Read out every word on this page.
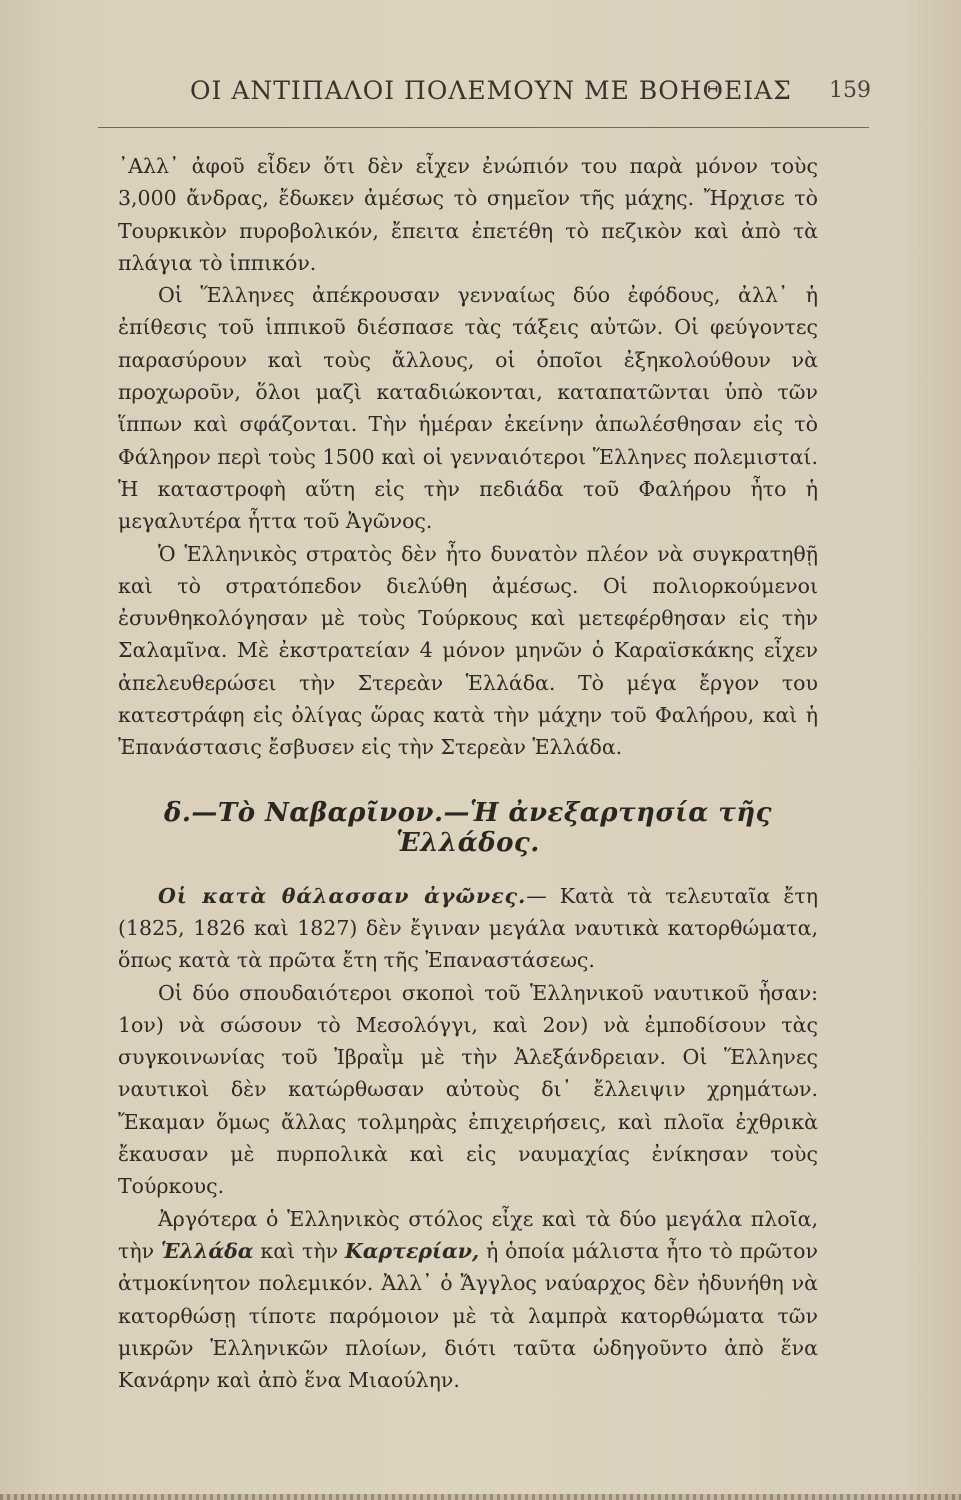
ΟΙ ΑΝΤΙΠΑΛΟΙ ΠΟΛΕΜΟΥΝ ΜΕ ΒΟΗΘΕΙΑΣ 159

᾿Αλλ᾿ ἀφοῦ εἶδεν ὅτι δὲν εἶχεν ἐνώπιόν του παρὰ μόνον τοὺς 3,000 ἄνδρας, ἔδωκεν ἀμέσως τὸ σημεῖον τῆς μάχης. Ἤρχισε τὸ Τουρκικὸν πυροβολικόν, ἔπειτα ἐπετέθη τὸ πεζικὸν καὶ ἀπὸ τὰ πλάγια τὸ ἱππικόν.

Οἱ Ἕλληνες ἀπέκρουσαν γενναίως δύο ἐφόδους, ἀλλ᾿ ἡ ἐπίθεσις τοῦ ἱππικοῦ διέσπασε τὰς τάξεις αὐτῶν. Οἱ φεύγοντες παρασύρουν καὶ τοὺς ἄλλους, οἱ ὁποῖοι ἐξηκολούθουν νὰ προχωροῦν, ὅλοι μαζὶ καταδιώκονται, καταπατῶνται ὑπὸ τῶν ἵππων καὶ σφάζονται. Τὴν ἡμέραν ἐκείνην ἀπωλέσθησαν εἰς τὸ Φάληρον περὶ τοὺς 1500 καὶ οἱ γενναιότεροι Ἕλληνες πολεμισταί. Ἡ καταστροφὴ αὕτη εἰς τὴν πεδιάδα τοῦ Φαλήρου ἦτο ἡ μεγαλυτέρα ἧττα τοῦ Ἀγῶνος.

Ὁ Ἑλληνικὸς στρατὸς δὲν ἦτο δυνατὸν πλέον νὰ συγκρατηθῇ καὶ τὸ στρατόπεδον διελύθη ἀμέσως. Οἱ πολιορκούμενοι ἐσυνθηκολόγησαν μὲ τοὺς Τούρκους καὶ μετεφέρθησαν εἰς τὴν Σαλαμῖνα. Μὲ ἐκστρατείαν 4 μόνον μηνῶν ὁ Καραϊσκάκης εἶχεν ἀπελευθερώσει τὴν Στερεὰν Ἑλλάδα. Τὸ μέγα ἔργον του κατεστράφη εἰς ὀλίγας ὥρας κατὰ τὴν μάχην τοῦ Φαλήρου, καὶ ἡ Ἐπανάστασις ἔσβυσεν εἰς τὴν Στερεὰν Ἑλλάδα.

δ.—Τὸ Ναβαρῖνον.—Ἡ ἀνεξαρτησία τῆς Ἑλλάδος.

Οἱ κατὰ θάλασσαν ἀγῶνες.— Κατὰ τὰ τελευταῖα ἔτη (1825, 1826 καὶ 1827) δὲν ἔγιναν μεγάλα ναυτικὰ κατορθώματα, ὅπως κατὰ τὰ πρῶτα ἔτη τῆς Ἐπαναστάσεως.

Οἱ δύο σπουδαιότεροι σκοποὶ τοῦ Ἑλληνικοῦ ναυτικοῦ ἦσαν: 1ον) νὰ σώσουν τὸ Μεσολόγγι, καὶ 2ον) νὰ ἐμποδίσουν τὰς συγκοινωνίας τοῦ Ἰβραῒμ μὲ τὴν Ἀλεξάνδρειαν. Οἱ Ἕλληνες ναυτικοὶ δὲν κατώρθωσαν αὐτοὺς δι᾿ ἔλλειψιν χρημάτων. Ἔκαμαν ὅμως ἄλλας τολμηρὰς ἐπιχειρήσεις, καὶ πλοῖα ἐχθρικὰ ἔκαυσαν μὲ πυρπολικὰ καὶ εἰς ναυμαχίας ἐνίκησαν τοὺς Τούρκους.

Ἀργότερα ὁ Ἑλληνικὸς στόλος εἶχε καὶ τὰ δύο μεγάλα πλοῖα, τὴν Ἑλλάδα καὶ τὴν Καρτερίαν, ἡ ὁποία μάλιστα ἦτο τὸ πρῶτον ἀτμοκίνητον πολεμικόν. Ἀλλ᾿ ὁ Ἄγγλος ναύαρχος δὲν ἠδυνήθη νὰ κατορθώσῃ τίποτε παρόμοιον μὲ τὰ λαμπρὰ κατορθώματα τῶν μικρῶν Ἑλληνικῶν πλοίων, διότι ταῦτα ὡδηγοῦντο ἀπὸ ἕνα Κανάρην καὶ ἀπὸ ἕνα Μιαούλην.
